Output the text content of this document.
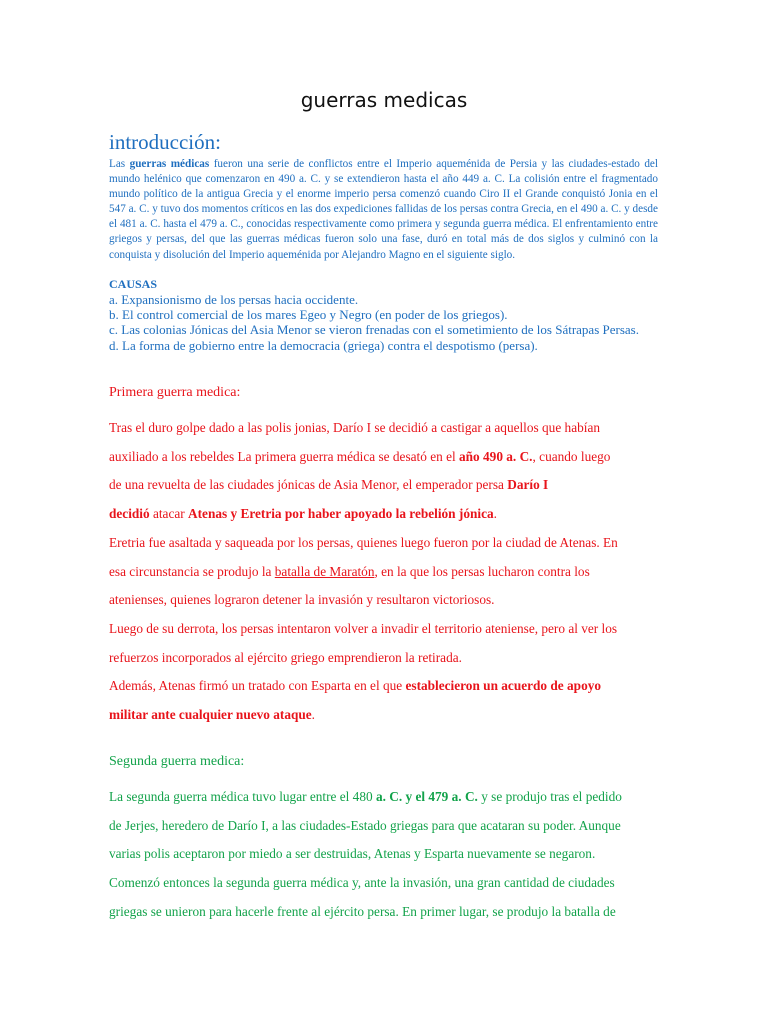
guerras medicas
introducción:
Las guerras médicas fueron una serie de conflictos entre el Imperio aqueménida de Persia y las ciudades-estado del mundo helénico que comenzaron en 490 a. C. y se extendieron hasta el año 449 a. C. La colisión entre el fragmentado mundo político de la antigua Grecia y el enorme imperio persa comenzó cuando Ciro II el Grande conquistó Jonia en el 547 a. C. y tuvo dos momentos críticos en las dos expediciones fallidas de los persas contra Grecia, en el 490 a. C. y desde el 481 a. C. hasta el 479 a. C., conocidas respectivamente como primera y segunda guerra médica. El enfrentamiento entre griegos y persas, del que las guerras médicas fueron solo una fase, duró en total más de dos siglos y culminó con la conquista y disolución del Imperio aqueménida por Alejandro Magno en el siguiente siglo.
CAUSAS
a. Expansionismo de los persas hacia occidente.
b. El control comercial de los mares Egeo y Negro (en poder de los griegos).
c. Las colonias Jónicas del Asia Menor se vieron frenadas con el sometimiento de los Sátrapas Persas.
d. La forma de gobierno entre la democracia (griega) contra el despotismo (persa).
Primera guerra medica:
Tras el duro golpe dado a las polis jonias, Darío I se decidió a castigar a aquellos que habían
auxiliado a los rebeldes La primera guerra médica se desató en el año 490 a. C., cuando luego
de una revuelta de las ciudades jónicas de Asia Menor, el emperador persa Darío I
decidió atacar Atenas y Eretria por haber apoyado la rebelión jónica.
Eretria fue asaltada y saqueada por los persas, quienes luego fueron por la ciudad de Atenas. En
esa circunstancia se produjo la batalla de Maratón, en la que los persas lucharon contra los
atenienses, quienes lograron detener la invasión y resultaron victoriosos.
Luego de su derrota, los persas intentaron volver a invadir el territorio ateniense, pero al ver los
refuerzos incorporados al ejército griego emprendieron la retirada.
Además, Atenas firmó un tratado con Esparta en el que establecieron un acuerdo de apoyo
militar ante cualquier nuevo ataque.
Segunda guerra medica:
La segunda guerra médica tuvo lugar entre el 480 a. C. y el 479 a. C. y se produjo tras el pedido
de Jerjes, heredero de Darío I, a las ciudades-Estado griegas para que acataran su poder. Aunque
varias polis aceptaron por miedo a ser destruidas, Atenas y Esparta nuevamente se negaron.
Comenzó entonces la segunda guerra médica y, ante la invasión, una gran cantidad de ciudades
griegas se unieron para hacerle frente al ejército persa. En primer lugar, se produjo la batalla de
